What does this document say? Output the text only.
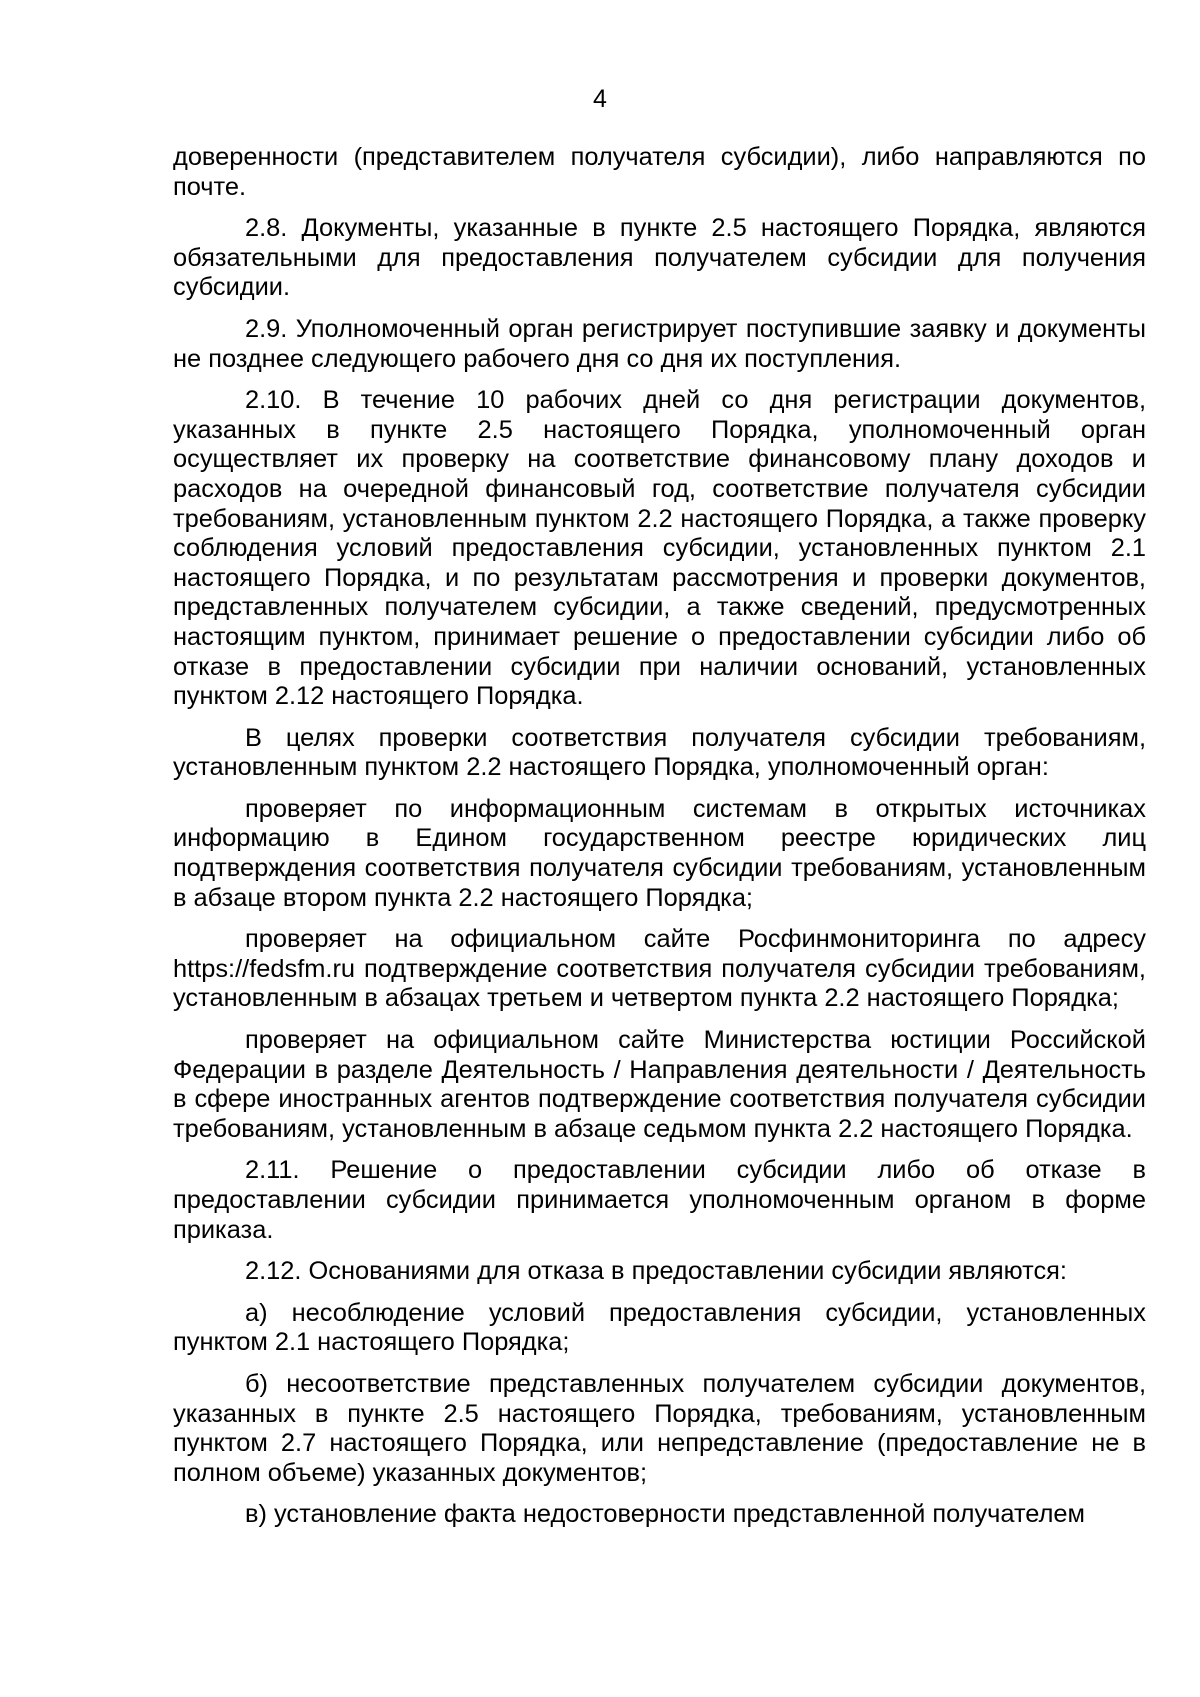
4

доверенности (представителем получателя субсидии), либо направляются по почте.

2.8. Документы, указанные в пункте 2.5 настоящего Порядка, являются обязательными для предоставления получателем субсидии для получения субсидии.

2.9. Уполномоченный орган регистрирует поступившие заявку и документы не позднее следующего рабочего дня со дня их поступления.

2.10. В течение 10 рабочих дней со дня регистрации документов, указанных в пункте 2.5 настоящего Порядка, уполномоченный орган осуществляет их проверку на соответствие финансовому плану доходов и расходов на очередной финансовый год, соответствие получателя субсидии требованиям, установленным пунктом 2.2 настоящего Порядка, а также проверку соблюдения условий предоставления субсидии, установленных пунктом 2.1 настоящего Порядка, и по результатам рассмотрения и проверки документов, представленных получателем субсидии, а также сведений, предусмотренных настоящим пунктом, принимает решение о предоставлении субсидии либо об отказе в предоставлении субсидии при наличии оснований, установленных пунктом 2.12 настоящего Порядка.

В целях проверки соответствия получателя субсидии требованиям, установленным пунктом 2.2 настоящего Порядка, уполномоченный орган:

проверяет по информационным системам в открытых источниках информацию в Едином государственном реестре юридических лиц подтверждения соответствия получателя субсидии требованиям, установленным в абзаце втором пункта 2.2 настоящего Порядка;

проверяет на официальном сайте Росфинмониторинга по адресу https://fedsfm.ru подтверждение соответствия получателя субсидии требованиям, установленным в абзацах третьем и четвертом пункта 2.2 настоящего Порядка;

проверяет на официальном сайте Министерства юстиции Российской Федерации в разделе Деятельность / Направления деятельности / Деятельность в сфере иностранных агентов подтверждение соответствия получателя субсидии требованиям, установленным в абзаце седьмом пункта 2.2 настоящего Порядка.

2.11. Решение о предоставлении субсидии либо об отказе в предоставлении субсидии принимается уполномоченным органом в форме приказа.

2.12. Основаниями для отказа в предоставлении субсидии являются:

а) несоблюдение условий предоставления субсидии, установленных пунктом 2.1 настоящего Порядка;

б) несоответствие представленных получателем субсидии документов, указанных в пункте 2.5 настоящего Порядка, требованиям, установленным пунктом 2.7 настоящего Порядка, или непредставление (предоставление не в полном объеме) указанных документов;

в) установление факта недостоверности представленной получателем
